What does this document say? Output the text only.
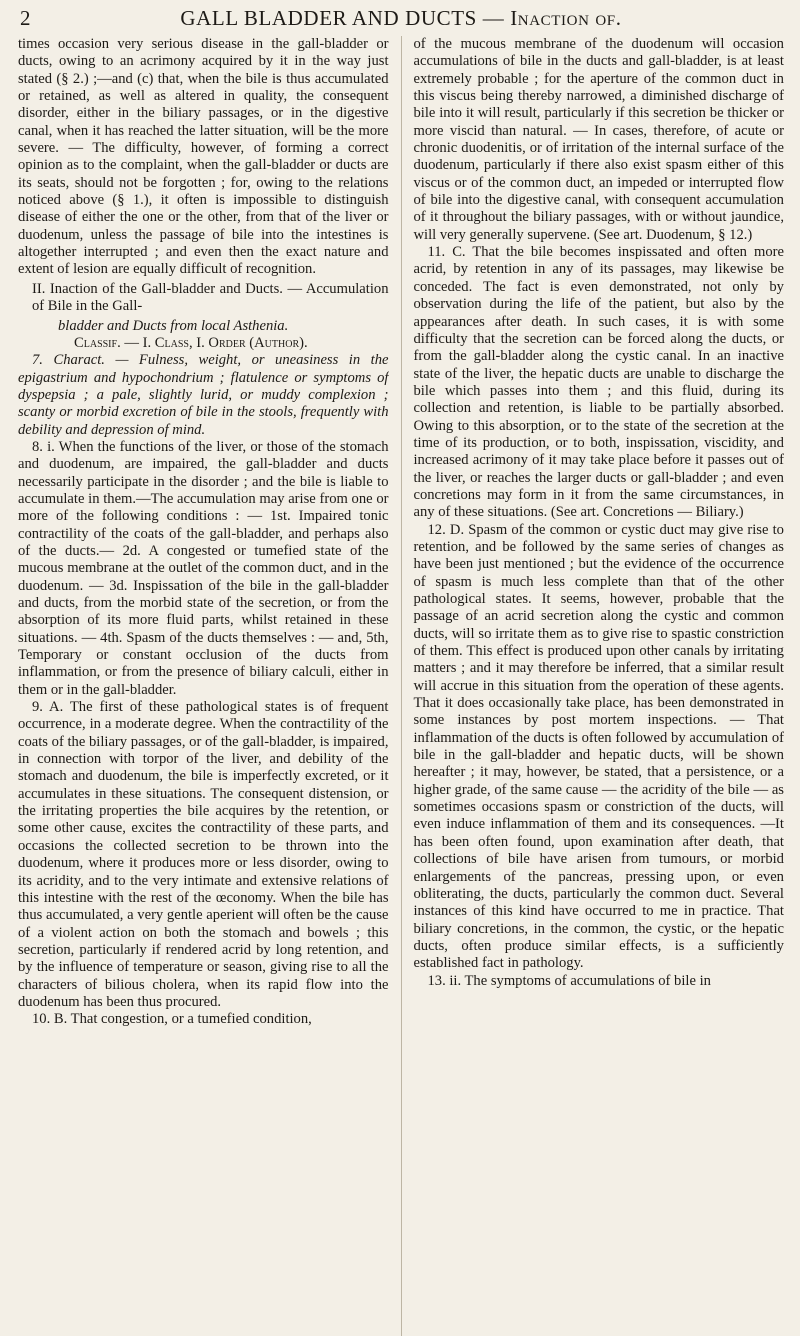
2	GALL BLADDER AND DUCTS — Inaction of.

times occasion very serious disease in the gall-bladder or ducts, owing to an acrimony acquired by it in the way just stated (§ 2.) ;—and (c) that, when the bile is thus accumulated or retained, as well as altered in quality, the consequent disorder, either in the biliary passages, or in the digestive canal, when it has reached the latter situation, will be the more severe. — The difficulty, however, of forming a correct opinion as to the complaint, when the gall-bladder or ducts are its seats, should not be forgotten ; for, owing to the relations noticed above (§ 1.), it often is impossible to distinguish disease of either the one or the other, from that of the liver or duodenum, unless the passage of bile into the intestines is altogether interrupted ; and even then the exact nature and extent of lesion are equally difficult of recognition.

II. Inaction of the Gall-bladder and Ducts. — Accumulation of Bile in the Gall-

bladder and Ducts from local Asthenia.

Classif. — I. Class, I. Order (Author).

7. Charact. — Fulness, weight, or uneasiness in the epigastrium and hypochondrium ; flatulence or symptoms of dyspepsia ; a pale, slightly lurid, or muddy complexion ; scanty or morbid excretion of bile in the stools, frequently with debility and depression of mind.

8. i. When the functions of the liver, or those of the stomach and duodenum, are impaired, the gall-bladder and ducts necessarily participate in the disorder ; and the bile is liable to accumulate in them.—The accumulation may arise from one or more of the following conditions : — 1st. Impaired tonic contractility of the coats of the gall-bladder, and perhaps also of the ducts.— 2d. A congested or tumefied state of the mucous membrane at the outlet of the common duct, and in the duodenum. — 3d. Inspissation of the bile in the gall-bladder and ducts, from the morbid state of the secretion, or from the absorption of its more fluid parts, whilst retained in these situations. — 4th. Spasm of the ducts themselves : — and, 5th, Temporary or constant occlusion of the ducts from inflammation, or from the presence of biliary calculi, either in them or in the gall-bladder.

9. A. The first of these pathological states is of frequent occurrence, in a moderate degree. When the contractility of the coats of the biliary passages, or of the gall-bladder, is impaired, in connection with torpor of the liver, and debility of the stomach and duodenum, the bile is imperfectly excreted, or it accumulates in these situations. The consequent distension, or the irritating properties the bile acquires by the retention, or some other cause, excites the contractility of these parts, and occasions the collected secretion to be thrown into the duodenum, where it produces more or less disorder, owing to its acridity, and to the very intimate and extensive relations of this intestine with the rest of the œconomy. When the bile has thus accumulated, a very gentle aperient will often be the cause of a violent action on both the stomach and bowels ; this secretion, particularly if rendered acrid by long retention, and by the influence of temperature or season, giving rise to all the characters of bilious cholera, when its rapid flow into the duodenum has been thus procured.

10. B. That congestion, or a tumefied condition,

of the mucous membrane of the duodenum will occasion accumulations of bile in the ducts and gall-bladder, is at least extremely probable ; for the aperture of the common duct in this viscus being thereby narrowed, a diminished discharge of bile into it will result, particularly if this secretion be thicker or more viscid than natural. — In cases, therefore, of acute or chronic duodenitis, or of irritation of the internal surface of the duodenum, particularly if there also exist spasm either of this viscus or of the common duct, an impeded or interrupted flow of bile into the digestive canal, with consequent accumulation of it throughout the biliary passages, with or without jaundice, will very generally supervene. (See art. Duodenum, § 12.)

11. C. That the bile becomes inspissated and often more acrid, by retention in any of its passages, may likewise be conceded. The fact is even demonstrated, not only by observation during the life of the patient, but also by the appearances after death. In such cases, it is with some difficulty that the secretion can be forced along the ducts, or from the gall-bladder along the cystic canal. In an inactive state of the liver, the hepatic ducts are unable to discharge the bile which passes into them ; and this fluid, during its collection and retention, is liable to be partially absorbed. Owing to this absorption, or to the state of the secretion at the time of its production, or to both, inspissation, viscidity, and increased acrimony of it may take place before it passes out of the liver, or reaches the larger ducts or gall-bladder ; and even concretions may form in it from the same circumstances, in any of these situations. (See art. Concretions — Biliary.)

12. D. Spasm of the common or cystic duct may give rise to retention, and be followed by the same series of changes as have been just mentioned ; but the evidence of the occurrence of spasm is much less complete than that of the other pathological states. It seems, however, probable that the passage of an acrid secretion along the cystic and common ducts, will so irritate them as to give rise to spastic constriction of them. This effect is produced upon other canals by irritating matters ; and it may therefore be inferred, that a similar result will accrue in this situation from the operation of these agents. That it does occasionally take place, has been demonstrated in some instances by post mortem inspections. — That inflammation of the ducts is often followed by accumulation of bile in the gall-bladder and hepatic ducts, will be shown hereafter ; it may, however, be stated, that a persistence, or a higher grade, of the same cause — the acridity of the bile — as sometimes occasions spasm or constriction of the ducts, will even induce inflammation of them and its consequences. —It has been often found, upon examination after death, that collections of bile have arisen from tumours, or morbid enlargements of the pancreas, pressing upon, or even obliterating, the ducts, particularly the common duct. Several instances of this kind have occurred to me in practice. That biliary concretions, in the common, the cystic, or the hepatic ducts, often produce similar effects, is a sufficiently established fact in pathology.

13. ii. The symptoms of accumulations of bile in
